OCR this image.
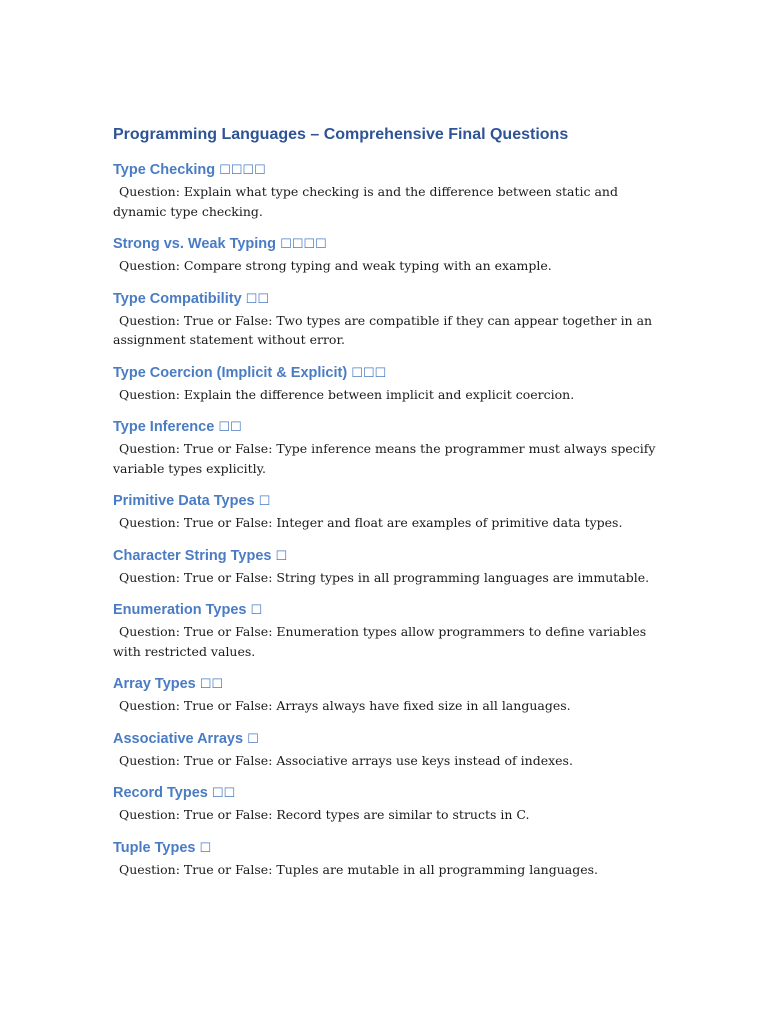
Programming Languages – Comprehensive Final Questions
Type Checking ☐☐☐☐

Question: Explain what type checking is and the difference between static and dynamic type checking.

Strong vs. Weak Typing ☐☐☐☐

Question: Compare strong typing and weak typing with an example.

Type Compatibility ☐☐

Question: True or False: Two types are compatible if they can appear together in an assignment statement without error.

Type Coercion (Implicit & Explicit) ☐☐☐

Question: Explain the difference between implicit and explicit coercion.

Type Inference ☐☐

Question: True or False: Type inference means the programmer must always specify variable types explicitly.

Primitive Data Types ☐

Question: True or False: Integer and float are examples of primitive data types.

Character String Types ☐

Question: True or False: String types in all programming languages are immutable.

Enumeration Types ☐

Question: True or False: Enumeration types allow programmers to define variables with restricted values.

Array Types ☐☐

Question: True or False: Arrays always have fixed size in all languages.

Associative Arrays ☐

Question: True or False: Associative arrays use keys instead of indexes.

Record Types ☐☐

Question: True or False: Record types are similar to structs in C.

Tuple Types ☐

Question: True or False: Tuples are mutable in all programming languages.
